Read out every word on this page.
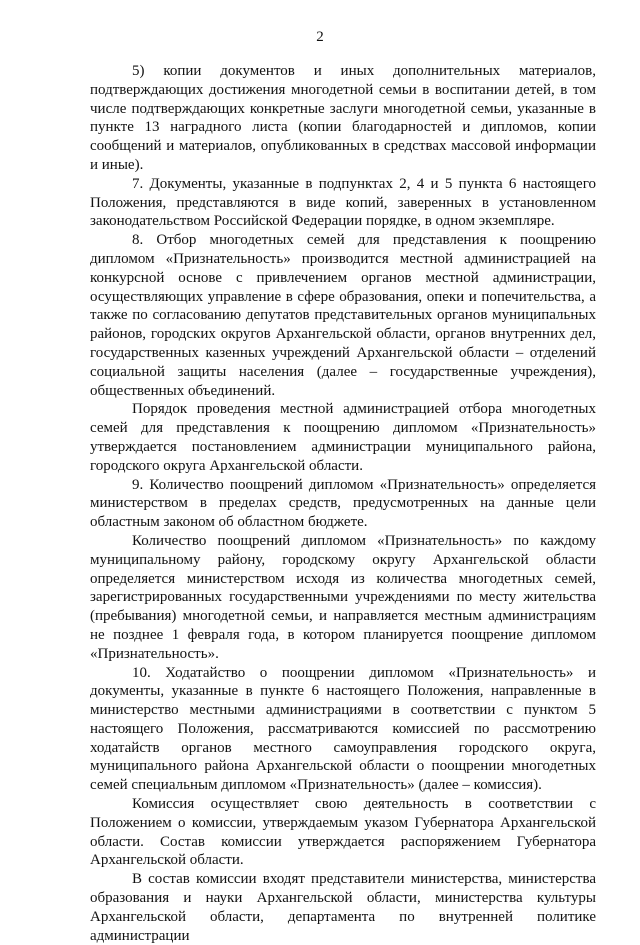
2

5) копии документов и иных дополнительных материалов, подтверждающих достижения многодетной семьи в воспитании детей, в том числе подтверждающих конкретные заслуги многодетной семьи, указанные в пункте 13 наградного листа (копии благодарностей и дипломов, копии сообщений и материалов, опубликованных в средствах массовой информации и иные).

7. Документы, указанные в подпунктах 2, 4 и 5 пункта 6 настоящего Положения, представляются в виде копий, заверенных в установленном законодательством Российской Федерации порядке, в одном экземпляре.

8. Отбор многодетных семей для представления к поощрению дипломом «Признательность» производится местной администрацией на конкурсной основе с привлечением органов местной администрации, осуществляющих управление в сфере образования, опеки и попечительства, а также по согласованию депутатов представительных органов муниципальных районов, городских округов Архангельской области, органов внутренних дел, государственных казенных учреждений Архангельской области – отделений социальной защиты населения (далее – государственные учреждения), общественных объединений.

Порядок проведения местной администрацией отбора многодетных семей для представления к поощрению дипломом «Признательность» утверждается постановлением администрации муниципального района, городского округа Архангельской области.

9. Количество поощрений дипломом «Признательность» определяется министерством в пределах средств, предусмотренных на данные цели областным законом об областном бюджете.

Количество поощрений дипломом «Признательность» по каждому муниципальному району, городскому округу Архангельской области определяется министерством исходя из количества многодетных семей, зарегистрированных государственными учреждениями по месту жительства (пребывания) многодетной семьи, и направляется местным администрациям не позднее 1 февраля года, в котором планируется поощрение дипломом «Признательность».

10. Ходатайство о поощрении дипломом «Признательность» и документы, указанные в пункте 6 настоящего Положения, направленные в министерство местными администрациями в соответствии с пунктом 5 настоящего Положения, рассматриваются комиссией по рассмотрению ходатайств органов местного самоуправления городского округа, муниципального района Архангельской области о поощрении многодетных семей специальным дипломом «Признательность» (далее – комиссия).

Комиссия осуществляет свою деятельность в соответствии с Положением о комиссии, утверждаемым указом Губернатора Архангельской области. Состав комиссии утверждается распоряжением Губернатора Архангельской области.

В состав комиссии входят представители министерства, министерства образования и науки Архангельской области, министерства культуры Архангельской области, департамента по внутренней политике администрации
